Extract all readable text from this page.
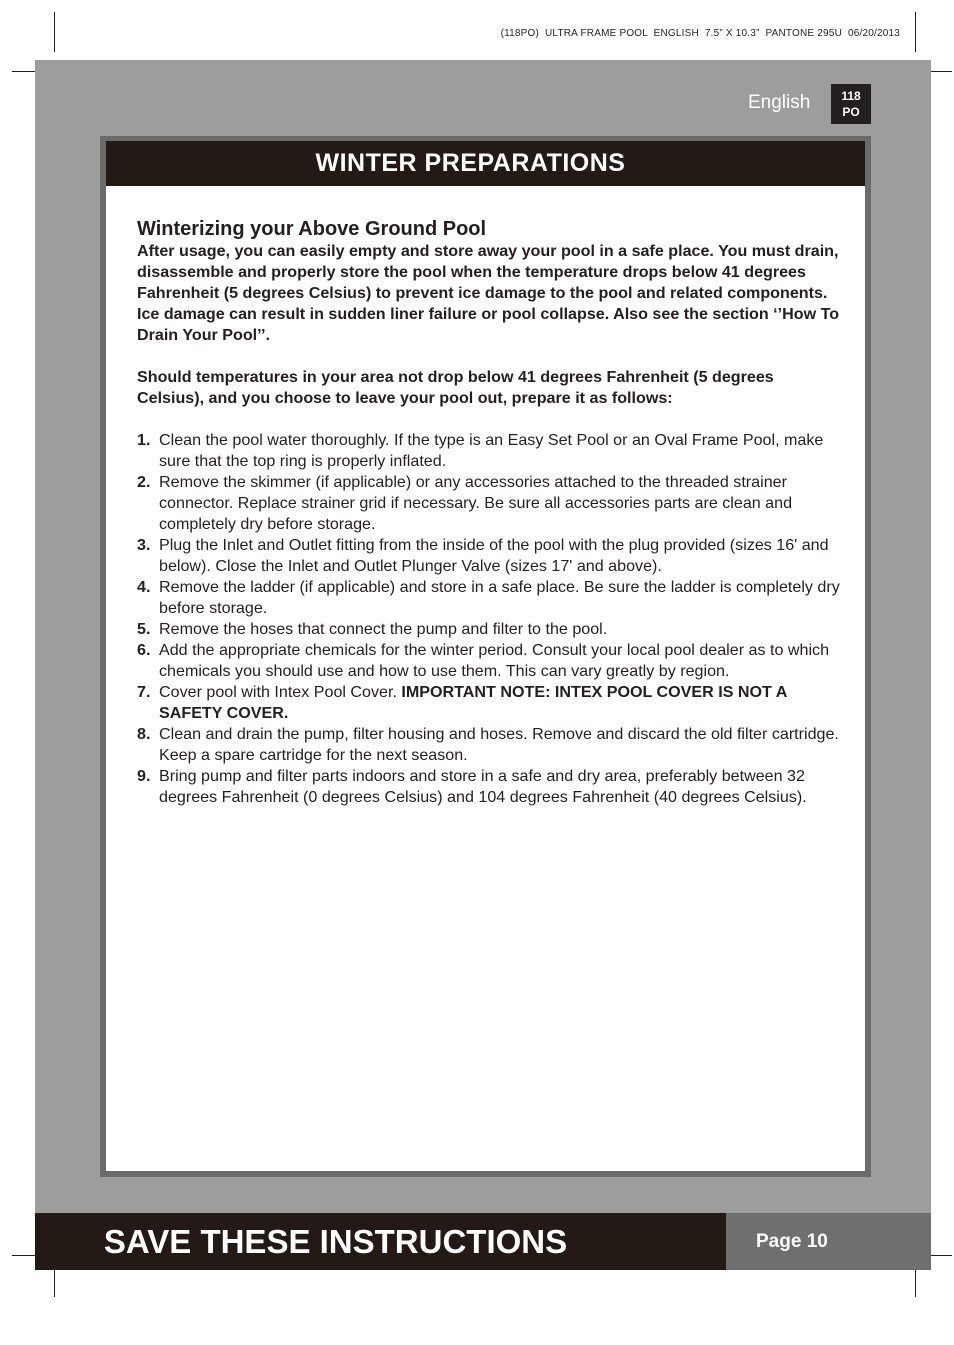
(118PO)  ULTRA FRAME POOL  ENGLISH  7.5” X 10.3”  PANTONE 295U  06/20/2013
English	118
PO
WINTER PREPARATIONS
Winterizing your Above Ground Pool

After usage, you can easily empty and store away your pool in a safe place. You must drain, disassemble and properly store the pool when the temperature drops below 41 degrees Fahrenheit (5 degrees Celsius) to prevent ice damage to the pool and related components. Ice damage can result in sudden liner failure or pool collapse. Also see the section ‘’How To Drain Your Pool’’.

Should temperatures in your area not drop below 41 degrees Fahrenheit (5 degrees Celsius), and you choose to leave your pool out, prepare it as follows:

1. Clean the pool water thoroughly. If the type is an Easy Set Pool or an Oval Frame Pool, make sure that the top ring is properly inflated.
2. Remove the skimmer (if applicable) or any accessories attached to the threaded strainer connector. Replace strainer grid if necessary. Be sure all accessories parts are clean and completely dry before storage.
3. Plug the Inlet and Outlet fitting from the inside of the pool with the plug provided (sizes 16' and below). Close the Inlet and Outlet Plunger Valve (sizes 17' and above).
4. Remove the ladder (if applicable) and store in a safe place. Be sure the ladder is completely dry before storage.
5. Remove the hoses that connect the pump and filter to the pool.
6. Add the appropriate chemicals for the winter period. Consult your local pool dealer as to which chemicals you should use and how to use them. This can vary greatly by region.
7. Cover pool with Intex Pool Cover. IMPORTANT NOTE: INTEX POOL COVER IS NOT A SAFETY COVER.
8. Clean and drain the pump, filter housing and hoses. Remove and discard the old filter cartridge. Keep a spare cartridge for the next season.
9. Bring pump and filter parts indoors and store in a safe and dry area, preferably between 32 degrees Fahrenheit (0 degrees Celsius) and 104 degrees Fahrenheit (40 degrees Celsius).
SAVE THESE INSTRUCTIONS	Page 10
